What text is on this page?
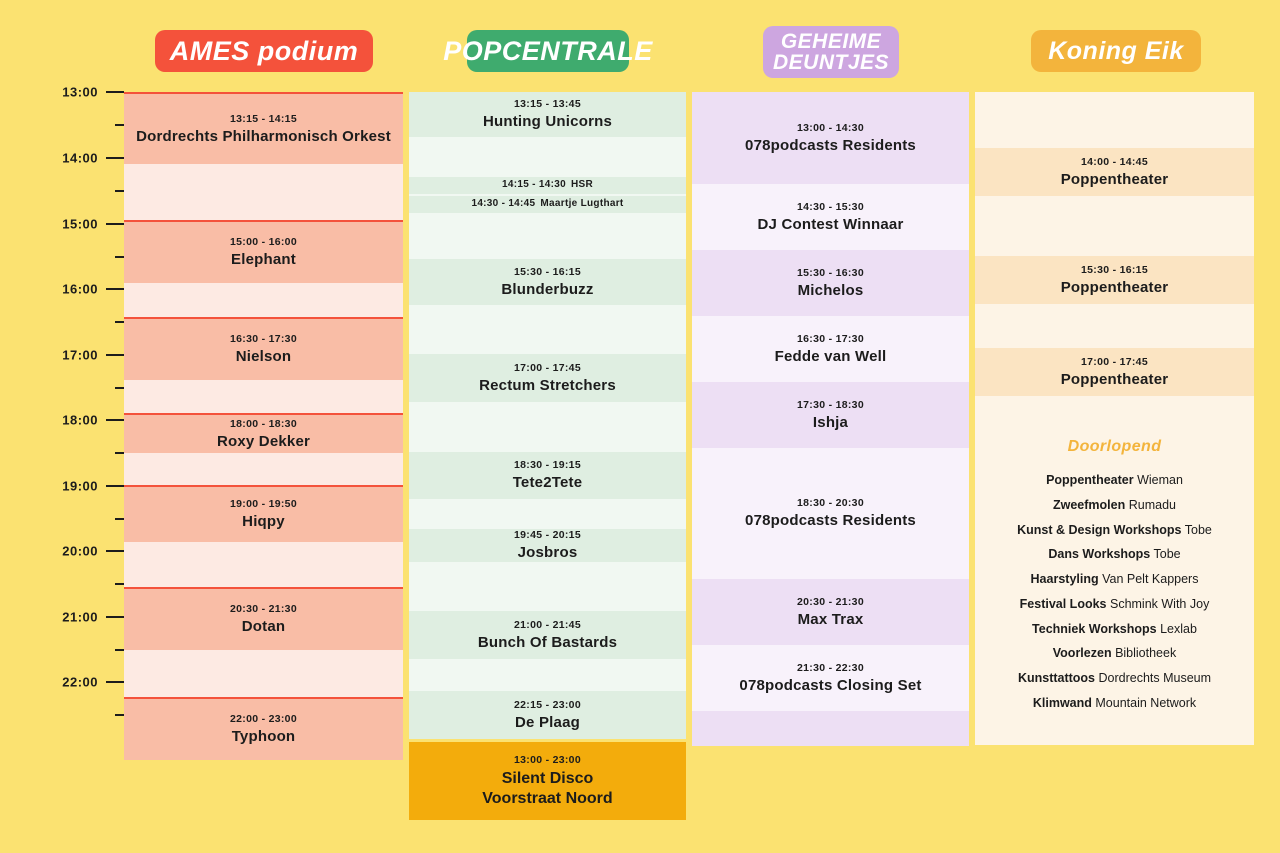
AMES podium	POPCENTRALE	GEHEIME
DEUNTJES	Koning Eik
13:00
14:00
15:00
16:00
17:00
18:00
19:00
20:00
21:00
22:00
13:15 - 14:15
Dordrechts Philharmonisch Orkest
15:00 - 16:00
Elephant
16:30 - 17:30
Nielson
18:00 - 18:30
Roxy Dekker
19:00 - 19:50
Hiqpy
20:30 - 21:30
Dotan
22:00 - 23:00
Typhoon
13:15 - 13:45
Hunting Unicorns
14:15 - 14:30 HSR
14:30 - 14:45 Maartje Lugthart
15:30 - 16:15
Blunderbuzz
17:00 - 17:45
Rectum Stretchers
18:30 - 19:15
Tete2Tete
19:45 - 20:15
Josbros
21:00 - 21:45
Bunch Of Bastards
22:15 - 23:00
De Plaag
13:00 - 23:00
Silent Disco
Voorstraat Noord
13:00 - 14:30
078podcasts Residents
14:30 - 15:30
DJ Contest Winnaar
15:30 - 16:30
Michelos
16:30 - 17:30
Fedde van Well
17:30 - 18:30
Ishja
18:30 - 20:30
078podcasts Residents
20:30 - 21:30
Max Trax
21:30 - 22:30
078podcasts Closing Set
14:00 - 14:45
Poppentheater
15:30 - 16:15
Poppentheater
17:00 - 17:45
Poppentheater
Doorlopend
Poppentheater Wieman
Zweefmolen Rumadu
Kunst & Design Workshops Tobe
Dans Workshops Tobe
Haarstyling Van Pelt Kappers
Festival Looks Schmink With Joy
Techniek Workshops Lexlab
Voorlezen Bibliotheek
Kunsttattoos Dordrechts Museum
Klimwand Mountain Network
